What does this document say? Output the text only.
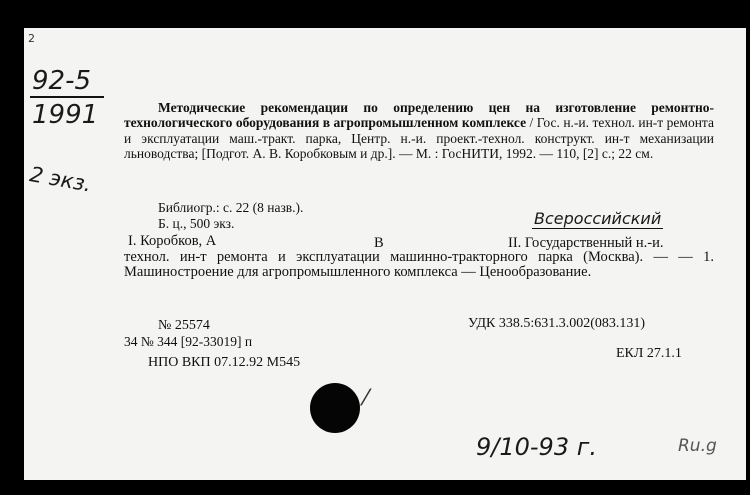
2
92-5
1991
2 экз.
Методические рекомендации по определению цен на изготовление ремонтно-технологического оборудования в агропромышленном комплексе / Гос. н.-и. технол. ин-т ремонта и эксплуатации маш.-тракт. парка, Центр. н.-и. проект.-технол. конструкт. ин-т механизации льноводства; [Подгот. А. В. Коробковым и др.]. — М. : ГосНИТИ, 1992. — 110, [2] с.; 22 см.
Библиогр.: с. 22 (8 назв.).
Б. ц., 500 экз.	Всероссийский
I. Коробков, А	В	II. Государственный н.-и.
технол. ин-т ремонта и эксплуатации машинно-тракторного парка (Москва). — — 1. Машиностроение для агропромышленного комплекса — Ценообразование.
УДК 338.5:631.3.002(083.131)
№ 25574
34 № 344 [92-33019] п
НПО ВКП 07.12.92 М545
ЕКЛ 27.1.1
⁄
9/10-93 г.	Ru.g
